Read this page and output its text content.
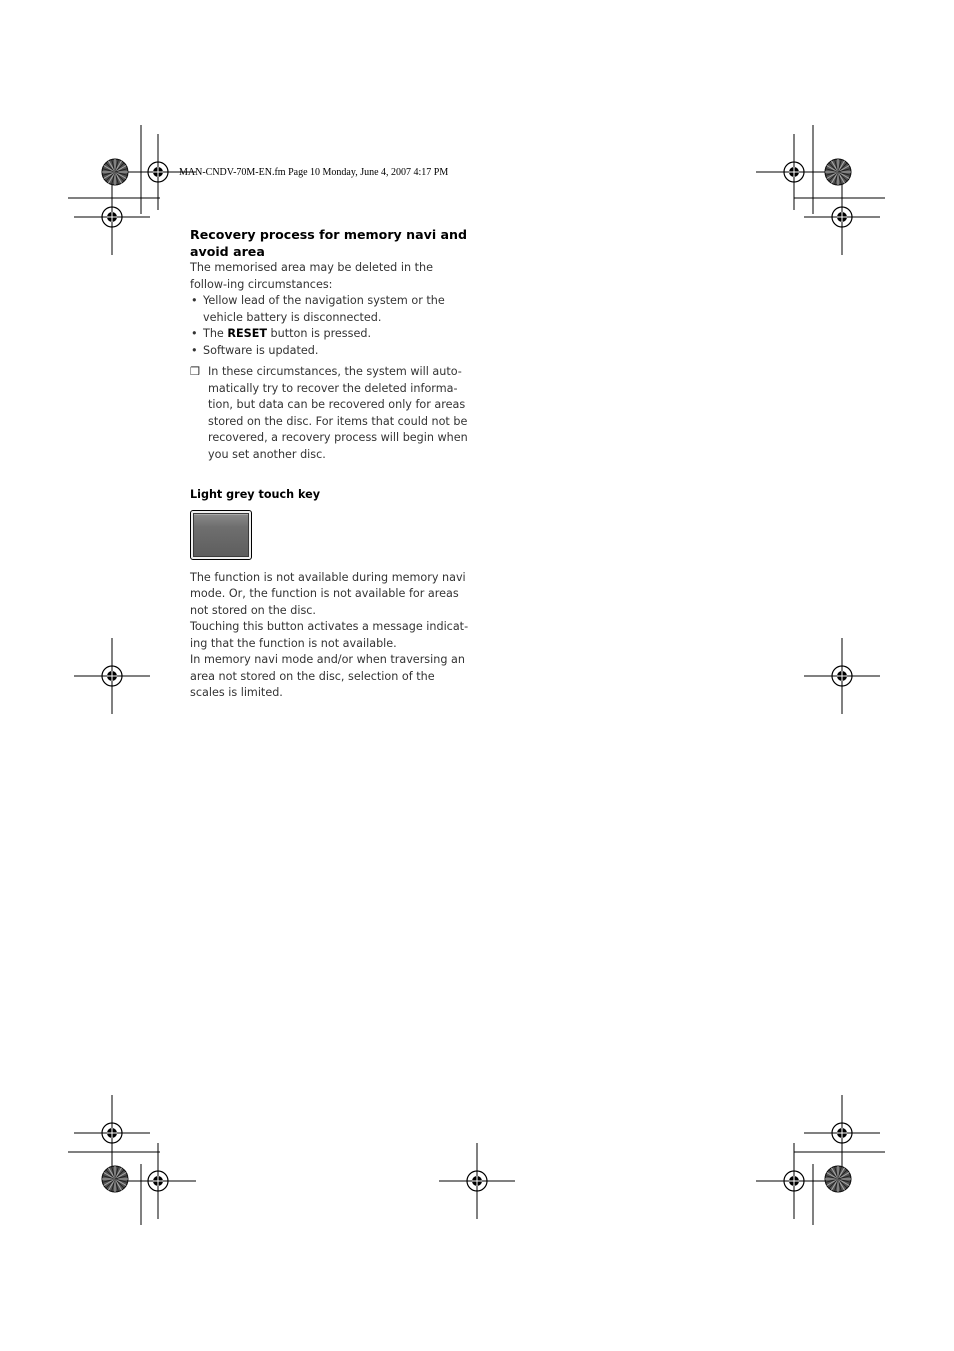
MAN-CNDV-70M-EN.fm Page 10 Monday, June 4, 2007 4:17 PM
Recovery process for memory navi and avoid area

The memorised area may be deleted in the follow-ing circumstances:

• Yellow lead of the navigation system or the vehicle battery is disconnected.
• The RESET button is pressed.
• Software is updated.
❒ In these circumstances, the system will auto-matically try to recover the deleted informa-tion, but data can be recovered only for areas stored on the disc. For items that could not be recovered, a recovery process will begin when you set another disc.
Light grey touch key

The function is not available during memory navi mode. Or, the function is not available for areas not stored on the disc.

Touching this button activates a message indicat-ing that the function is not available.

In memory navi mode and/or when traversing an area not stored on the disc, selection of the scales is limited.
